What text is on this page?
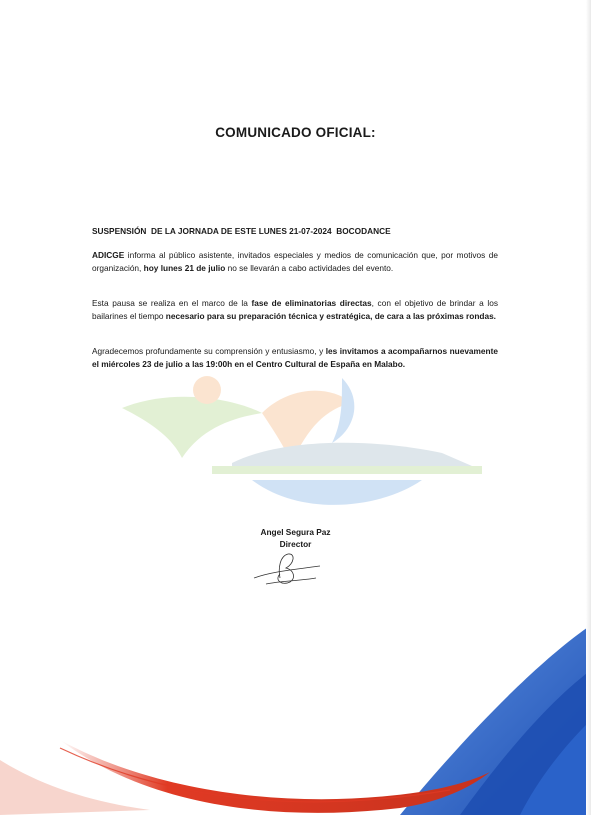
COMUNICADO OFICIAL:
SUSPENSIÓN  DE LA JORNADA DE ESTE LUNES 21-07-2024  BOCODANCE
ADICGE informa al público asistente, invitados especiales y medios de comunicación que, por motivos de organización, hoy lunes 21 de julio no se llevarán a cabo actividades del evento.
Esta pausa se realiza en el marco de la fase de eliminatorias directas, con el objetivo de brindar a los bailarines el tiempo necesario para su preparación técnica y estratégica, de cara a las próximas rondas.
Agradecemos profundamente su comprensión y entusiasmo, y les invitamos a acompañarnos nuevamente el miércoles 23 de julio a las 19:00h en el Centro Cultural de España en Malabo.
Angel Segura Paz
Director
